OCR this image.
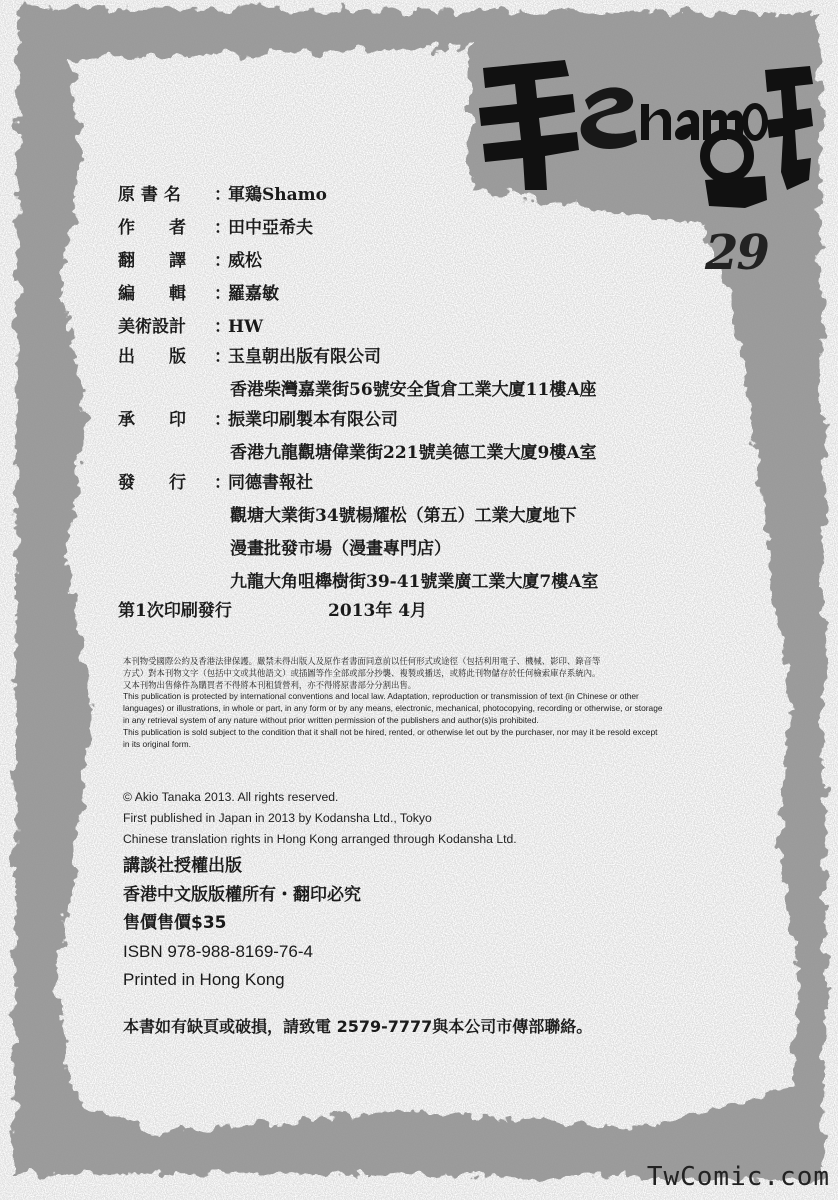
29
原 書 名	：
軍鶏Shamo
作　　者	：
田中亞希夫
翻　　譯	：
威松
編　　輯	：
羅嘉敏
美術設計	：
HW
出　　版	：
玉皇朝出版有限公司
香港柴灣嘉業街56號安全貨倉工業大廈11樓A座
承　　印	：
振業印刷製本有限公司
香港九龍觀塘偉業街221號美德工業大廈9樓A室
發　　行	：
同德書報社
觀塘大業街34號楊耀松（第五）工業大廈地下
漫畫批發市場（漫畫專門店）
九龍大角咀櫸樹街39-41號業廣工業大廈7樓A室
第1次印刷發行	2013年 4月
本刊物受國際公約及香港法律保護。嚴禁未得出版人及原作者書面同意前以任何形式或途徑（包括利用電子、機械、影印、錄音等
方式）對本刊物文字（包括中文或其他語文）或插圖等作全部或部分抄襲、複製或播送，或將此刊物儲存於任何檢索庫存系統內。
又本刊物出售條件為購買者不得將本刊租賃營利，亦不得將原書部分分割出售。
This publication is protected by international conventions and local law. Adaptation, reproduction or transmission of text (in Chinese or other
languages) or illustrations, in whole or part, in any form or by any means, electronic, mechanical, photocopying, recording or otherwise, or storage
in any retrieval system of any nature without prior written permission of the publishers and author(s)is prohibited.
This publication is sold subject to the condition that it shall not be hired, rented, or otherwise let out by the purchaser, nor may it be resold except
in its original form.
© Akio Tanaka 2013. All rights reserved.
First published in Japan in 2013 by Kodansha Ltd., Tokyo
Chinese translation rights in Hong Kong arranged through Kodansha Ltd.
講談社授權出版
香港中文版版權所有・翻印必究
售價售價$35
ISBN 978-988-8169-76-4
Printed in Hong Kong
本書如有缺頁或破損，請致電 2579-7777與本公司市傳部聯絡。
TwComic.com
